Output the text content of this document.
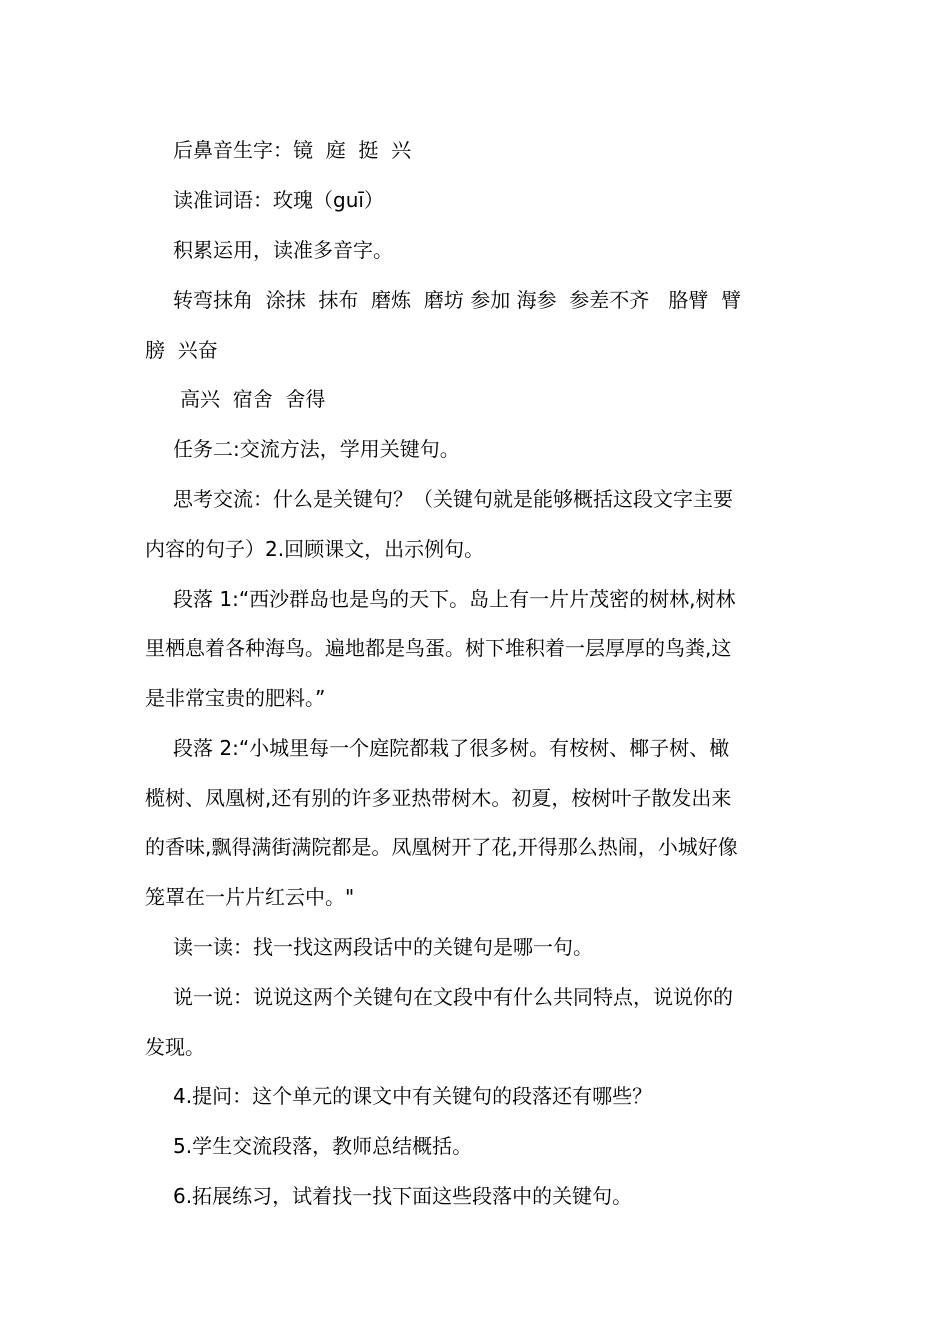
后鼻音生字：镜  庭  挺  兴
读准词语：玫瑰（guī）
积累运用，读准多音字。
转弯抹角  涂抹  抹布  磨炼  磨坊 参加 海参  参差不齐   胳臂  臂
膀  兴奋
高兴  宿舍  舍得
任务二:交流方法，学用关键句。
思考交流：什么是关键句？（关键句就是能够概括这段文字主要
内容的句子）2.回顾课文，出示例句。
段落 1:“西沙群岛也是鸟的天下。岛上有一片片茂密的树林,树林
里栖息着各种海鸟。遍地都是鸟蛋。树下堆积着一层厚厚的鸟粪,这
是非常宝贵的肥料。”
段落 2:“小城里每一个庭院都栽了很多树。有桉树、椰子树、橄
榄树、凤凰树,还有别的许多亚热带树木。初夏，桉树叶子散发出来
的香味,飘得满街满院都是。凤凰树开了花,开得那么热闹，小城好像
笼罩在一片片红云中。"
读一读：找一找这两段话中的关键句是哪一句。
说一说：说说这两个关键句在文段中有什么共同特点，说说你的
发现。
4.提问：这个单元的课文中有关键句的段落还有哪些？
5.学生交流段落，教师总结概括。
6.拓展练习，试着找一找下面这些段落中的关键句。
